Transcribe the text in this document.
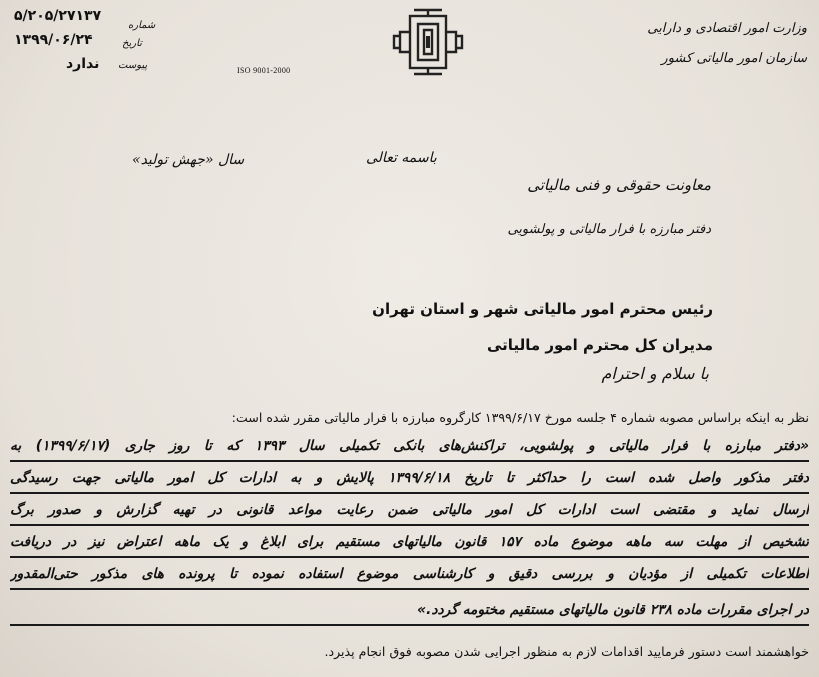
وزارت امور اقتصادی و دارایی
سازمان امور مالیاتی کشور
ISO 9001-2000
۵/۲۰۵/۲۷۱۳۷
شماره
۱۳۹۹/۰۶/۲۴	تاریخ
ندارد پیوست
باسمه تعالی
سال «جهش تولید»
معاونت حقوقی و فنی مالیاتی
دفتر مبارزه با فرار مالیاتی و پولشویی
رئیس محترم امور مالیاتی شهر و استان تهران
مدیران کل محترم امور مالیاتی
با سلام و احترام
نظر به اینکه براساس مصوبه شماره ۴ جلسه مورخ ۱۳۹۹/۶/۱۷ کارگروه مبارزه با فرار مالیاتی مقرر شده است:
«دفتر مبارزه با فرار مالیاتی و پولشویی، تراکنش‌های بانکی تکمیلی سال ۱۳۹۳ که تا روز جاری (۱۳۹۹/۶/۱۷) به
دفتر مذکور واصل شده است را حداکثر تا تاریخ ۱۳۹۹/۶/۱۸ پالایش و به ادارات کل امور مالیاتی جهت رسیدگی
ارسال نماید و مقتضی است ادارات کل امور مالیاتی ضمن رعایت مواعد قانونی در تهیه گزارش و صدور برگ
تشخیص از مهلت سه ماهه موضوع ماده ۱۵۷ قانون مالیاتهای مستقیم برای ابلاغ و یک ماهه اعتراض نیز در دریافت
اطلاعات تکمیلی از مؤدیان و بررسی دقیق و کارشناسی موضوع استفاده نموده تا پرونده های مذکور حتی‌المقدور
در اجرای مقررات ماده ۲۳۸ قانون مالیاتهای مستقیم مختومه گردد.»
خواهشمند است دستور فرمایید اقدامات لازم به منظور اجرایی شدن مصوبه فوق انجام پذیرد.
